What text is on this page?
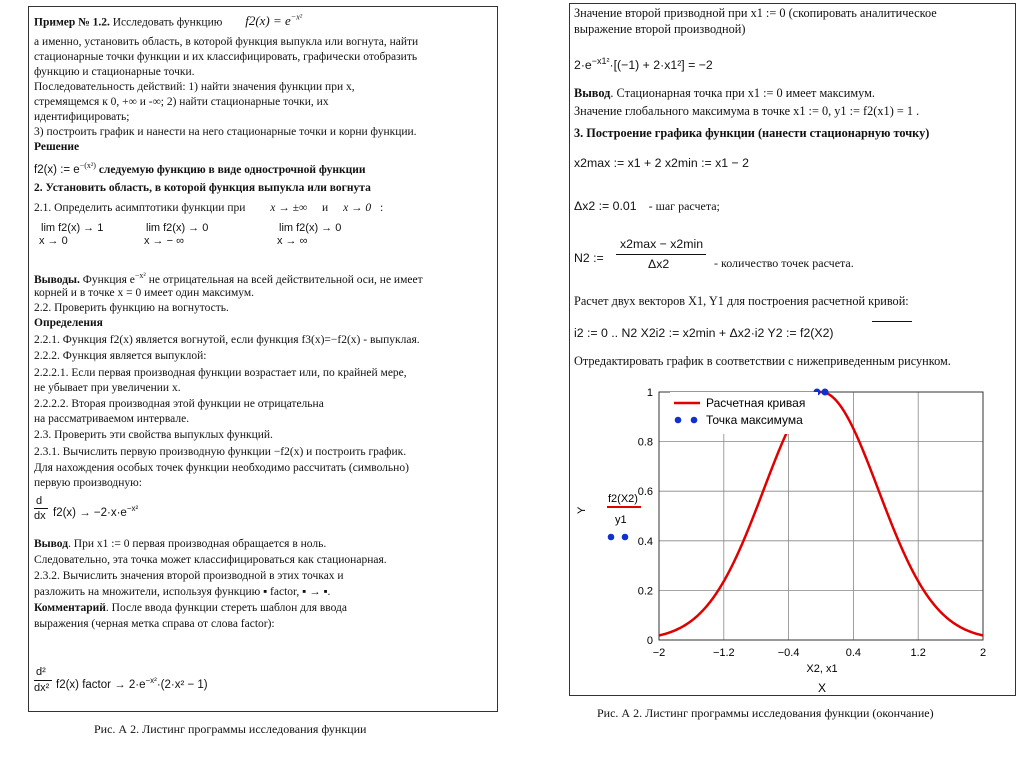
Пример № 1.2. Исследовать функцию $f2(x) = e^{-x^2}$
а именно, установить область, в которой функция выпукла или вогнута, найти
стационарные точки функции и их классифицировать, графически отобразить
функцию и стационарные точки.
Последовательность действий: 1) найти значения функции при x,
стремящемся к 0, +∞ и -∞; 2) найти стационарные точки, их
идентифицировать;
3) построить график и нанести на него стационарные точки и корни функции.
Решение
f2(x) := $e^{-(x^2)}$ следуемую функцию в виде однострочной функции
2. Установить область, в которой функция выпукла или вогнута
2.1. Определить асимптотики функции при x → ±∞ и x → 0 :
lim f2(x) → 1
x → 0
lim f2(x) → 0
x → − ∞
lim f2(x) → 0
x → ∞
Выводы. Функция $e^{-x^2}$ не отрицательная на всей действительной оси, не имеет
корней и в точке x = 0 имеет один максимум.
2.2. Проверить функцию на вогнутость.
Определения
2.2.1. Функция f2(x) является вогнутой, если функция f3(x)=−f2(x) - выпуклая.
2.2.2. Функция является выпуклой:
2.2.2.1. Если первая производная функции возрастает или, по крайней мере,
не убывает при увеличении x.
2.2.2.2. Вторая производная этой функции не отрицательна
на рассматриваемом интервале.
2.3. Проверить эти свойства выпуклых функций.
2.3.1. Вычислить первую производную функции −f2(x) и построить график.
Для нахождения особых точек функции необходимо рассчитать (символьно)
первую производную:
d
dx $f2(x) \to -2\cdot x\cdot e^{-x^2}$
Вывод. При x1 := 0 первая производная обращается в ноль.
Следовательно, эта точка может классифицироваться как стационарная.
2.3.2. Вычислить значения второй производной в этих точках и
разложить на множители, используя функцию ▪ factor, ▪ → ▪.
Комментарий. После ввода функции стереть шаблон для ввода
выражения (черная метка справа от слова factor):
d²
dx² f2(x) factor → $2\cdot e^{-x^2}\cdot(2\cdot x^2 - 1)$
Рис. А 2. Листинг программы исследования функции
Значение второй призводной при x1 := 0 (скопировать аналитическое
выражение второй производной)
$2\cdot e^{-x1^2}\cdot[(-1) + 2\cdot x1^2] = -2$
Вывод. Стационарная точка при x1 := 0 имеет максимум.
Значение глобального максимума в точке x1 := 0, y1 := f2(x1) = 1 .
3. Построение графика функции (нанести стационарную точку)
x2max := x1 + 2 x2min := x1 − 2
Δx2 := 0.01 - шаг расчета;
N2 :=
x2max − x2min
Δx2	- количество точек расчета.
Расчет двух векторов X1, Y1 для построения расчетной кривой:
i2 := 0 .. N2 X2i2 := x2min + Δx2·i2 Y2 := f2(X2)
Отредактировать график в соответствии с нижеприведенным рисунком.
−2	−1.2	−0.4	0.4	1.2	2
0
0.2
0.4
0.6
0.8
1
Расчетная кривая
Точка максимума
Y
f2(X2)
y1
X2, x1
X
Рис. А 2. Листинг программы исследования функции (окончание)
